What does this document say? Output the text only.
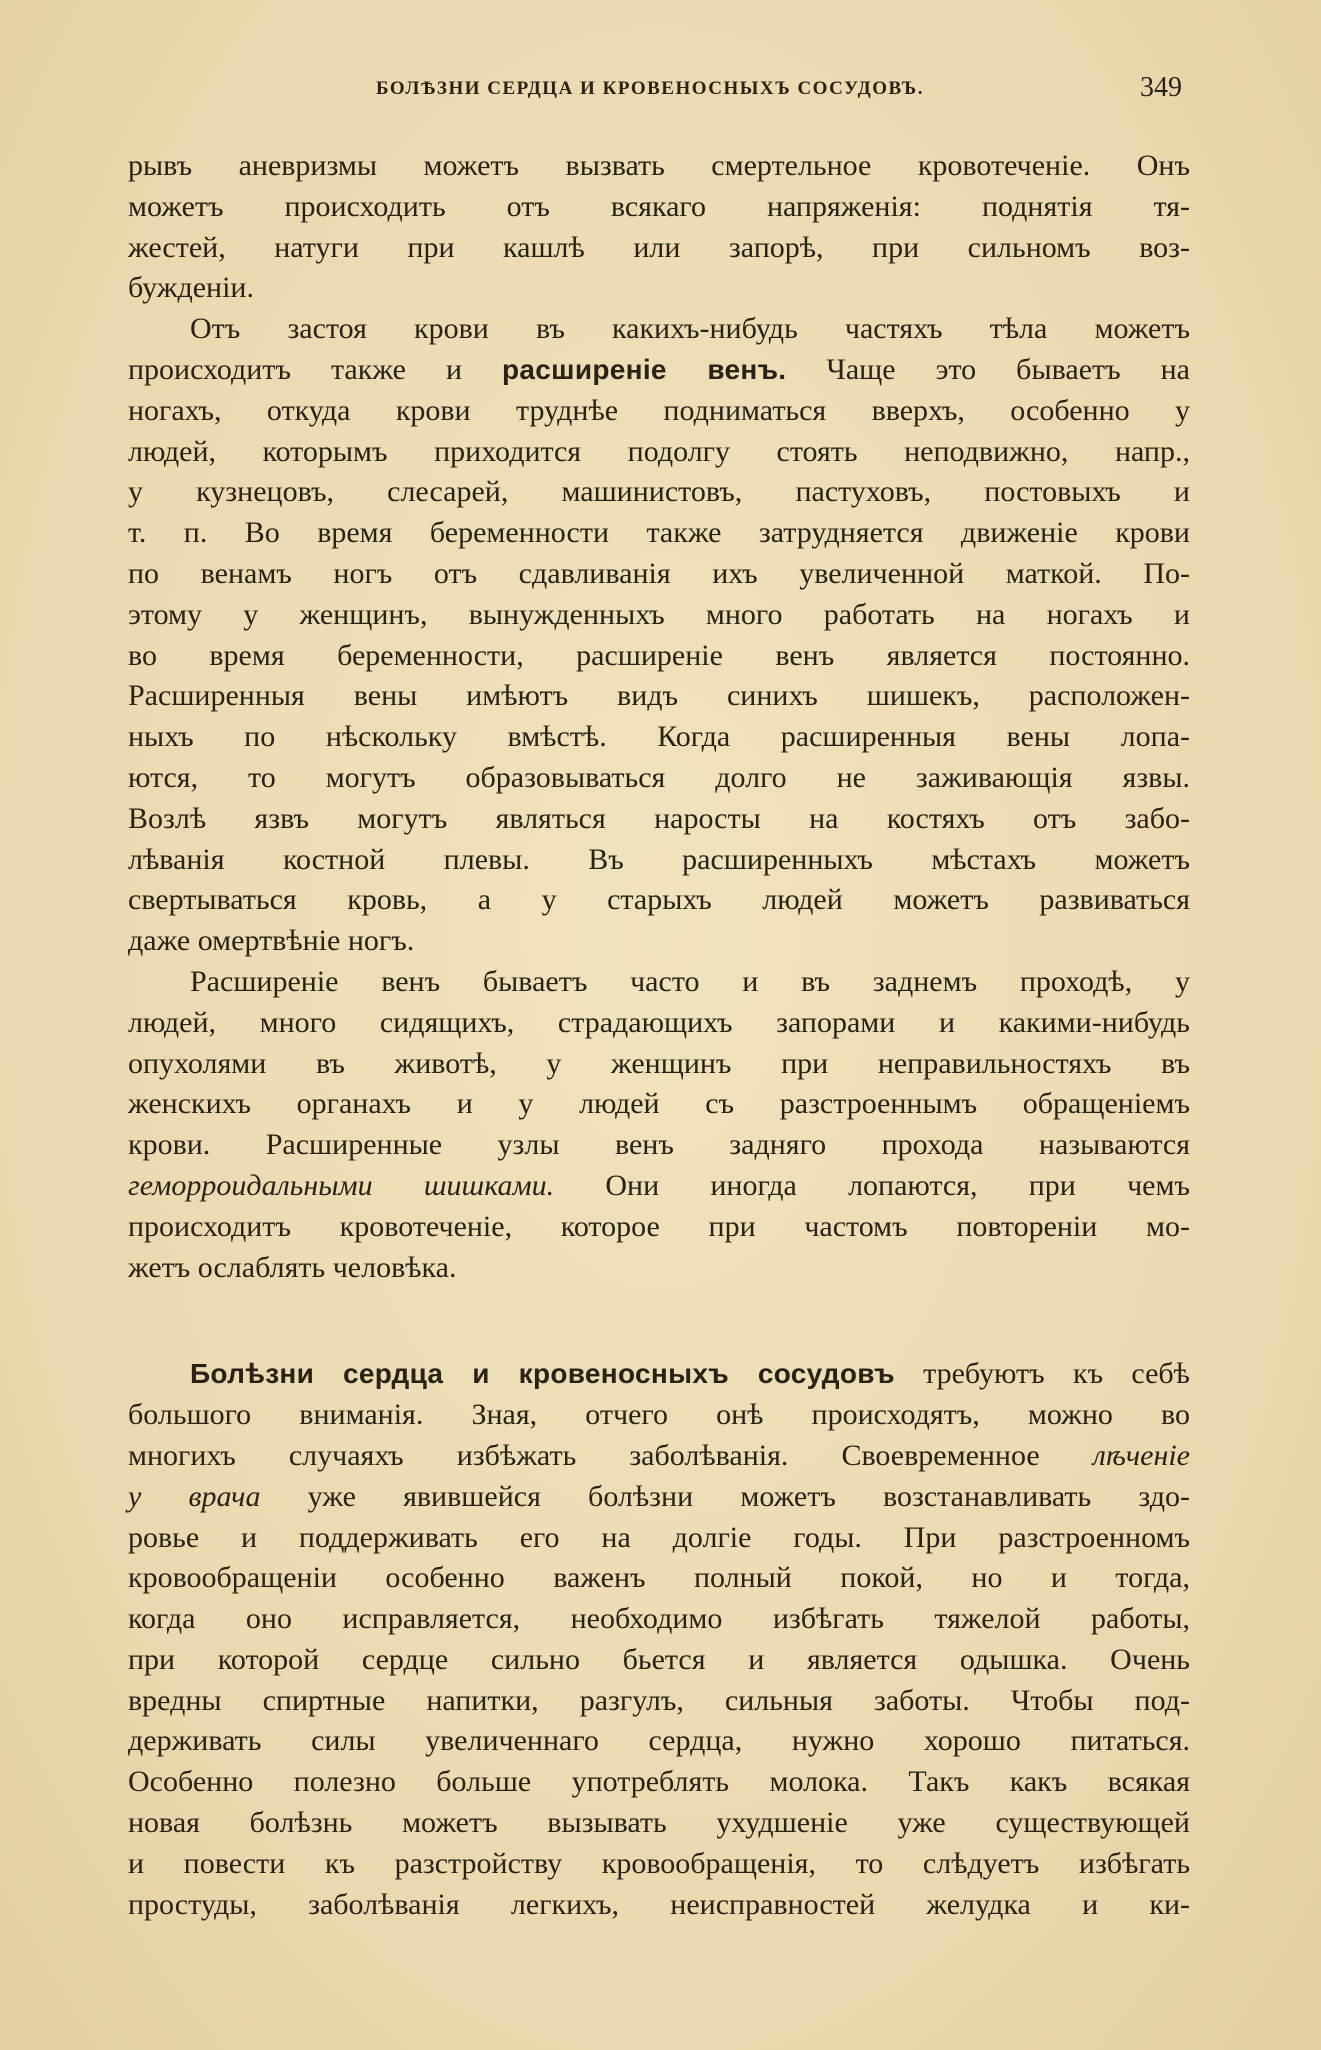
БОЛѢЗНИ СЕРДЦА И КРОВЕНОСНЫХЪ СОСУДОВЪ.	349
рывъ аневризмы можетъ вызвать смертельное кровотеченіе. Онъ
можетъ происходить отъ всякаго напряженія: поднятія тя-
жестей, натуги при кашлѣ или запорѣ, при сильномъ воз-
бужденіи.
Отъ застоя крови въ какихъ-нибудь частяхъ тѣла можетъ
происходитъ также и расширеніе венъ. Чаще это бываетъ на
ногахъ, откуда крови труднѣе подниматься вверхъ, особенно у
людей, которымъ приходится подолгу стоять неподвижно, напр.,
у кузнецовъ, слесарей, машинистовъ, пастуховъ, постовыхъ и
т. п. Во время беременности также затрудняется движеніе крови
по венамъ ногъ отъ сдавливанія ихъ увеличенной маткой. По-
этому у женщинъ, вынужденныхъ много работать на ногахъ и
во время беременности, расширеніе венъ является постоянно.
Расширенныя вены имѣютъ видъ синихъ шишекъ, расположен-
ныхъ по нѣскольку вмѣстѣ. Когда расширенныя вены лопа-
ются, то могутъ образовываться долго не заживающія язвы.
Возлѣ язвъ могутъ являться наросты на костяхъ отъ забо-
лѣванія костной плевы. Въ расширенныхъ мѣстахъ можетъ
свертываться кровь, а у старыхъ людей можетъ развиваться
даже омертвѣніе ногъ.
Расширеніе венъ бываетъ часто и въ заднемъ проходѣ, у
людей, много сидящихъ, страдающихъ запорами и какими-нибудь
опухолями въ животѣ, у женщинъ при неправильностяхъ въ
женскихъ органахъ и у людей съ разстроеннымъ обращеніемъ
крови. Расширенные узлы венъ задняго прохода называются
геморроидальными шишками. Они иногда лопаются, при чемъ
происходитъ кровотеченіе, которое при частомъ повтореніи мо-
жетъ ослаблять человѣка.
Болѣзни сердца и кровеносныхъ сосудовъ требуютъ къ себѣ
большого вниманія. Зная, отчего онѣ происходятъ, можно во
многихъ случаяхъ избѣжать заболѣванія. Своевременное лѣченіе
у врача уже явившейся болѣзни можетъ возстанавливать здо-
ровье и поддерживать его на долгіе годы. При разстроенномъ
кровообращеніи особенно важенъ полный покой, но и тогда,
когда оно исправляется, необходимо избѣгать тяжелой работы,
при которой сердце сильно бьется и является одышка. Очень
вредны спиртные напитки, разгулъ, сильныя заботы. Чтобы под-
держивать силы увеличеннаго сердца, нужно хорошо питаться.
Особенно полезно больше употреблять молока. Такъ какъ всякая
новая болѣзнь можетъ вызывать ухудшеніе уже существующей
и повести къ разстройству кровообращенія, то слѣдуетъ избѣгать
простуды, заболѣванія легкихъ, неисправностей желудка и ки-
